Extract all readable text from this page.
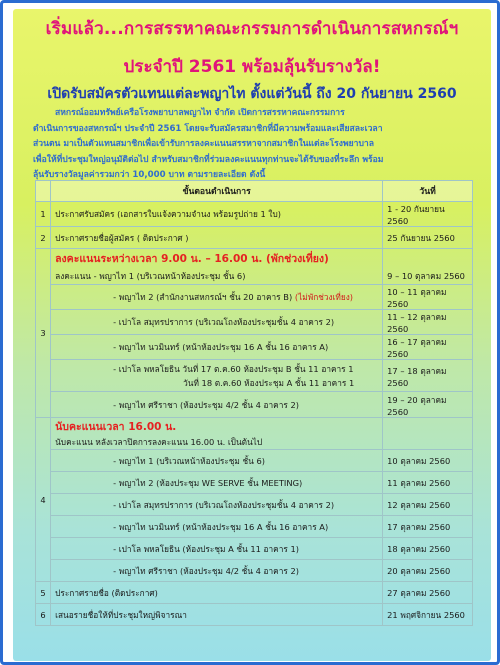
เริ่มแล้ว...การสรรหาคณะกรรมการดำเนินการสหกรณ์ฯ
ประจำปี 2561 พร้อมลุ้นรับรางวัล!
เปิดรับสมัครตัวแทนแต่ละพญาไท ตั้งแต่วันนี้ ถึง 20 กันยายน 2560

สหกรณ์ออมทรัพย์เครือโรงพยาบาลพญาไท จำกัด เปิดการสรรหาคณะกรรมการ

ดำเนินการของสหกรณ์ฯ ประจำปี 2561 โดยจะรับสมัครสมาชิกที่มีความพร้อมและเสียสละเวลา

ส่วนตน มาเป็นตัวแทนสมาชิกเพื่อเข้ารับการลงคะแนนสรรหาจากสมาชิกในแต่ละโรงพยาบาล

เพื่อให้ที่ประชุมใหญ่อนุมัติต่อไป สำหรับสมาชิกที่ร่วมลงคะแนนทุกท่านจะได้รับของที่ระลึก พร้อม

ลุ้นรับรางวัลมูลค่ารวมกว่า 10,000 บาท ตามรายละเอียด ดังนี้

	ขั้นตอนดำเนินการ	วันที่
1	ประกาศรับสมัคร (เอกสารใบแจ้งความจำนง พร้อมรูปถ่าย 1 ใบ)	1 - 20 กันยายน 2560
2	ประกาศรายชื่อผู้สมัคร ( ติดประกาศ )	25 กันยายน 2560
3	ลงคะแนนระหว่างเวลา 9.00 น. – 16.00 น. (พักช่วงเที่ยง)	
	ลงคะแนน - พญาไท 1 (บริเวณหน้าห้องประชุม ชั้น 6)	9 – 10 ตุลาคม 2560
	- พญาไท 2 (สำนักงานสหกรณ์ฯ ชั้น 20 อาคาร B) (ไม่พักช่วงเที่ยง)	10 – 11 ตุลาคม 2560
	- เปาโล สมุทรปราการ (บริเวณโถงห้องประชุมชั้น 4 อาคาร 2)	11 – 12 ตุลาคม 2560
	- พญาไท นวมินทร์ (หน้าห้องประชุม 16 A ชั้น 16 อาคาร A)	16 – 17 ตุลาคม 2560

	- เปาโล พหลโยธิน วันที่ 17 ต.ค.60 ห้องประชุม B ชั้น 11 อาคาร 1
วันที่ 18 ต.ค.60 ห้องประชุม A ชั้น 11 อาคาร 1	17 – 18 ตุลาคม 2560
	- พญาไท ศรีราชา (ห้องประชุม 4/2 ชั้น 4 อาคาร 2)	19 – 20 ตุลาคม 2560
4	นับคะแนนเวลา 16.00 น.
นับคะแนน หลังเวลาปิดการลงคะแนน 16.00 น. เป็นต้นไป	

	- พญาไท 1 (บริเวณหน้าห้องประชุม ชั้น 6)	10 ตุลาคม 2560
	- พญาไท 2 (ห้องประชุม WE SERVE ชั้น MEETING)	11 ตุลาคม 2560
	- เปาโล สมุทรปราการ (บริเวณโถงห้องประชุมชั้น 4 อาคาร 2)	12 ตุลาคม 2560
	- พญาไท นวมินทร์ (หน้าห้องประชุม 16 A ชั้น 16 อาคาร A)	17 ตุลาคม 2560
	- เปาโล พหลโยธิน (ห้องประชุม A ชั้น 11 อาคาร 1)	18 ตุลาคม 2560
	- พญาไท ศรีราชา (ห้องประชุม 4/2 ชั้น 4 อาคาร 2)	20 ตุลาคม 2560
5	ประกาศรายชื่อ (ติดประกาศ)	27 ตุลาคม 2560
6	เสนอรายชื่อให้ที่ประชุมใหญ่พิจารณา	21 พฤศจิกายน 2560
